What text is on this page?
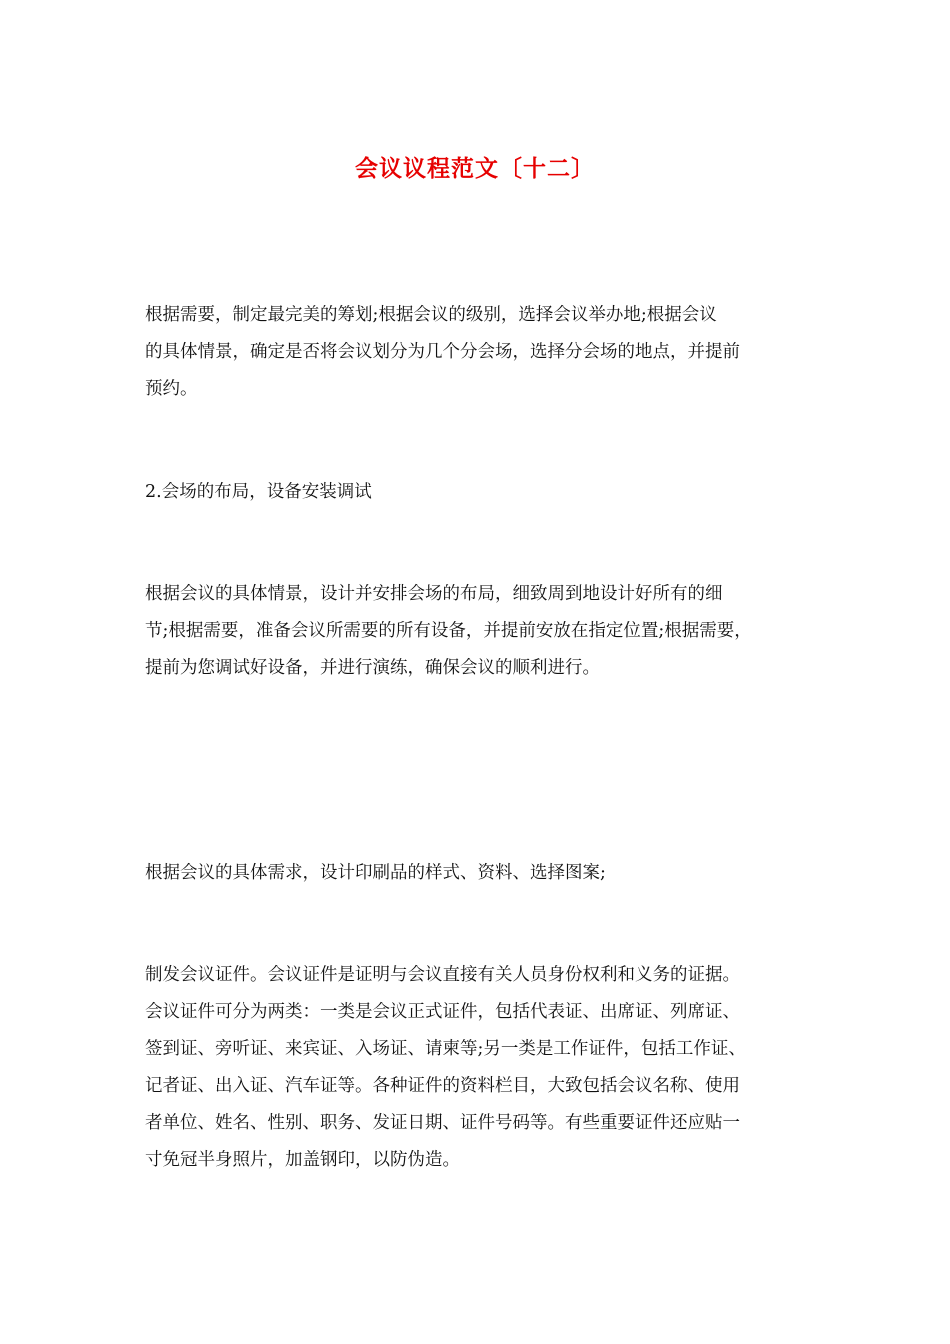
会议议程范文〔十二〕

根据需要，制定最完美的筹划;根据会议的级别，选择会议举办地;根据会议
的具体情景，确定是否将会议划分为几个分会场，选择分会场的地点，并提前
预约。

2.会场的布局，设备安装调试

根据会议的具体情景，设计并安排会场的布局，细致周到地设计好所有的细
节;根据需要，准备会议所需要的所有设备，并提前安放在指定位置;根据需要，
提前为您调试好设备，并进行演练，确保会议的顺利进行。

根据会议的具体需求，设计印刷品的样式、资料、选择图案;

制发会议证件。会议证件是证明与会议直接有关人员身份权利和义务的证据。
会议证件可分为两类：一类是会议正式证件，包括代表证、出席证、列席证、
签到证、旁听证、来宾证、入场证、请柬等;另一类是工作证件，包括工作证、
记者证、出入证、汽车证等。各种证件的资料栏目，大致包括会议名称、使用
者单位、姓名、性别、职务、发证日期、证件号码等。有些重要证件还应贴一
寸免冠半身照片，加盖钢印，以防伪造。
